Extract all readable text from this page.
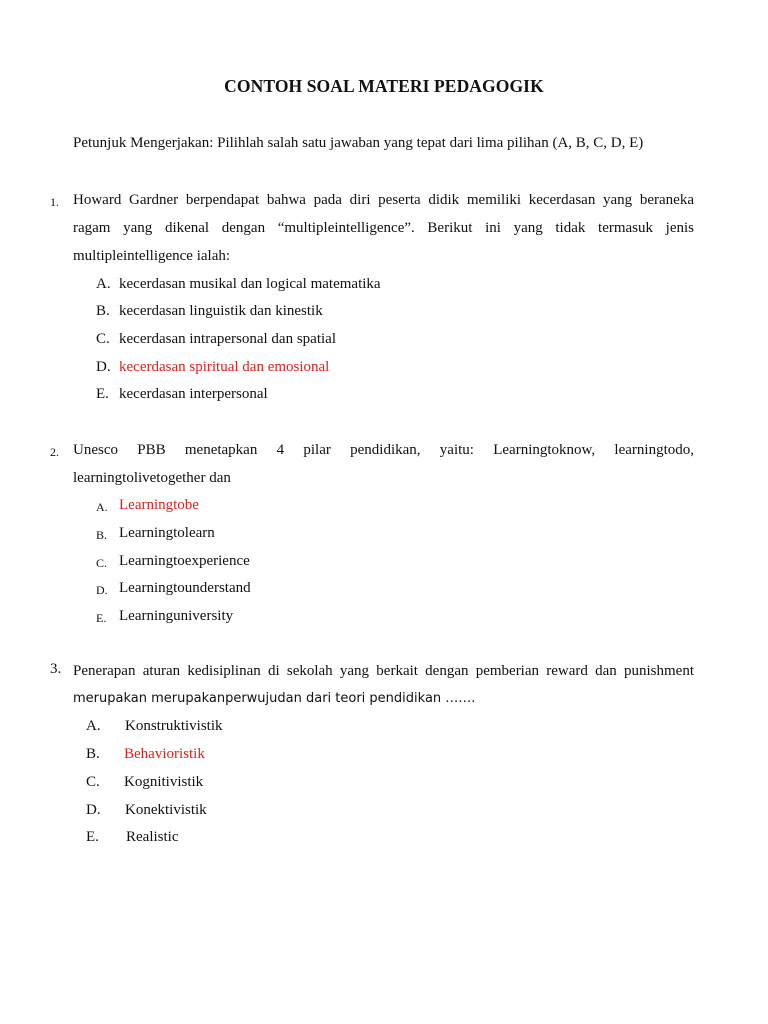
CONTOH SOAL MATERI PEDAGOGIK
Petunjuk Mengerjakan: Pilihlah salah satu jawaban yang tepat dari lima pilihan (A, B, C, D, E)
1. Howard Gardner berpendapat bahwa pada diri peserta didik memiliki kecerdasan yang beraneka
ragam yang dikenal dengan “multipleintelligence”. Berikut ini yang tidak termasuk jenis
multipleintelligence ialah:
A. kecerdasan musikal dan logical matematika
B. kecerdasan linguistik dan kinestik
C. kecerdasan intrapersonal dan spatial
D. kecerdasan spiritual dan emosional
E. kecerdasan interpersonal
2. Unesco PBB menetapkan 4 pilar pendidikan, yaitu: Learningtoknow, learningtodo,
learningtolivetogether dan
A. Learningtobe
B. Learningtolearn
C. Learningtoexperience
D. Learningtounderstand
E. Learninguniversity
3. Penerapan aturan kedisiplinan di sekolah yang berkait dengan pemberian reward dan punishment
merupakan merupakanperwujudan dari teori pendidikan …….
A. Konstruktivistik
B. Behavioristik
C. Kognitivistik
D. Konektivistik
E. Realistic
